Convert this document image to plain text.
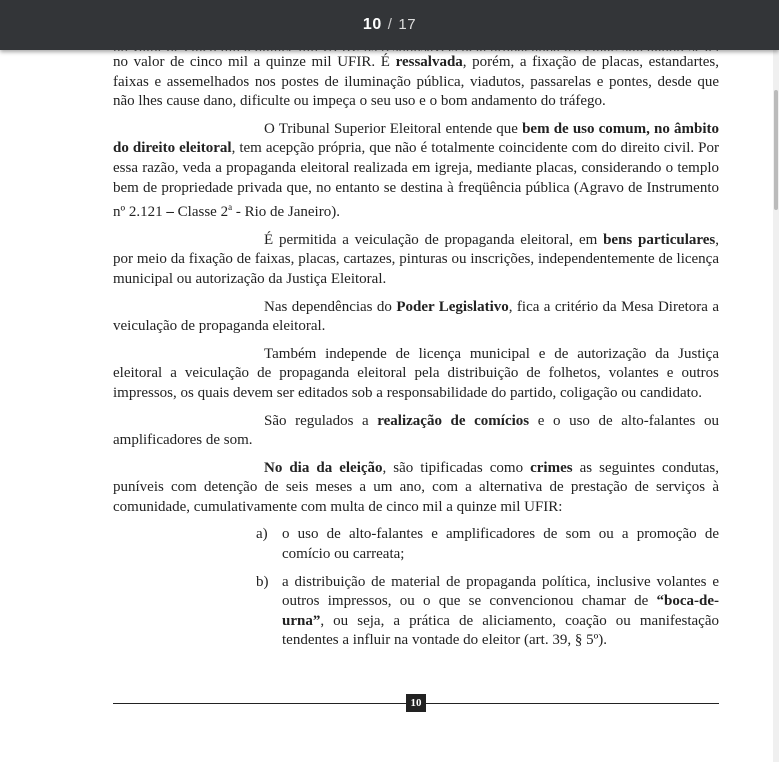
10 / 17

no valor de cinco mil a quinze mil UFIR. É ressalvada, porém, a fixação de placas, estandartes, faixas e assemelhados nos postes de iluminação pública, viadutos, passarelas e pontes, desde que não lhes cause dano, dificulte ou impeça o seu uso e o bom andamento do tráfego.

O Tribunal Superior Eleitoral entende que bem de uso comum, no âmbito do direito eleitoral, tem acepção própria, que não é totalmente coincidente com do direito civil. Por essa razão, veda a propaganda eleitoral realizada em igreja, mediante placas, considerando o templo bem de propriedade privada que, no entanto se destina à freqüência pública (Agravo de Instrumento nº 2.121 – Classe 2$^a$ - Rio de Janeiro).

É permitida a veiculação de propaganda eleitoral, em bens particulares, por meio da fixação de faixas, placas, cartazes, pinturas ou inscrições, independentemente de licença municipal ou autorização da Justiça Eleitoral.

Nas dependências do Poder Legislativo, fica a critério da Mesa Diretora a veiculação de propaganda eleitoral.

Também independe de licença municipal e de autorização da Justiça eleitoral a veiculação de propaganda eleitoral pela distribuição de folhetos, volantes e outros impressos, os quais devem ser editados sob a responsabilidade do partido, coligação ou candidato.

São regulados a realização de comícios e o uso de alto-falantes ou amplificadores de som.

No dia da eleição, são tipificadas como crimes as seguintes condutas, puníveis com detenção de seis meses a um ano, com a alternativa de prestação de serviços à comunidade, cumulativamente com multa de cinco mil a quinze mil UFIR:

a) o uso de alto-falantes e amplificadores de som ou a promoção de comício ou carreata;
b) a distribuição de material de propaganda política, inclusive volantes e outros impressos, ou o que se convencionou chamar de “boca-de-urna”, ou seja, a prática de aliciamento, coação ou manifestação tendentes a influir na vontade do eleitor (art. 39, § 5º).
10
